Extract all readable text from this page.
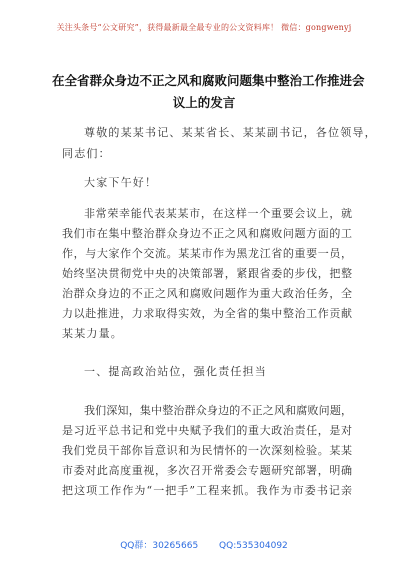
关注头条号“公文研究”，获得最新最全最专业的公文资料库！ 微信：gongwenyj
在全省群众身边不正之风和腐败问题集中整治工作推进会
议上的发言
尊敬的某某书记、某某省长、某某副书记，各位领导，
同志们：
大家下午好！
非常荣幸能代表某某市，在这样一个重要会议上，就
我们市在集中整治群众身边不正之风和腐败问题方面的工
作，与大家作个交流。某某市作为黑龙江省的重要一员，
始终坚决贯彻党中央的决策部署，紧跟省委的步伐，把整
治群众身边的不正之风和腐败问题作为重大政治任务，全
力以赴推进，力求取得实效，为全省的集中整治工作贡献
某某力量。
一、提高政治站位，强化责任担当
我们深知，集中整治群众身边的不正之风和腐败问题，
是习近平总书记和党中央赋予我们的重大政治责任，是对
我们党员干部你旨意识和为民情怀的一次深刻检验。某某
市委对此高度重视，多次召开常委会专题研究部署，明确
把这项工作作为“一把手”工程来抓。我作为市委书记亲
QQ群：30265665 QQ:535304092
